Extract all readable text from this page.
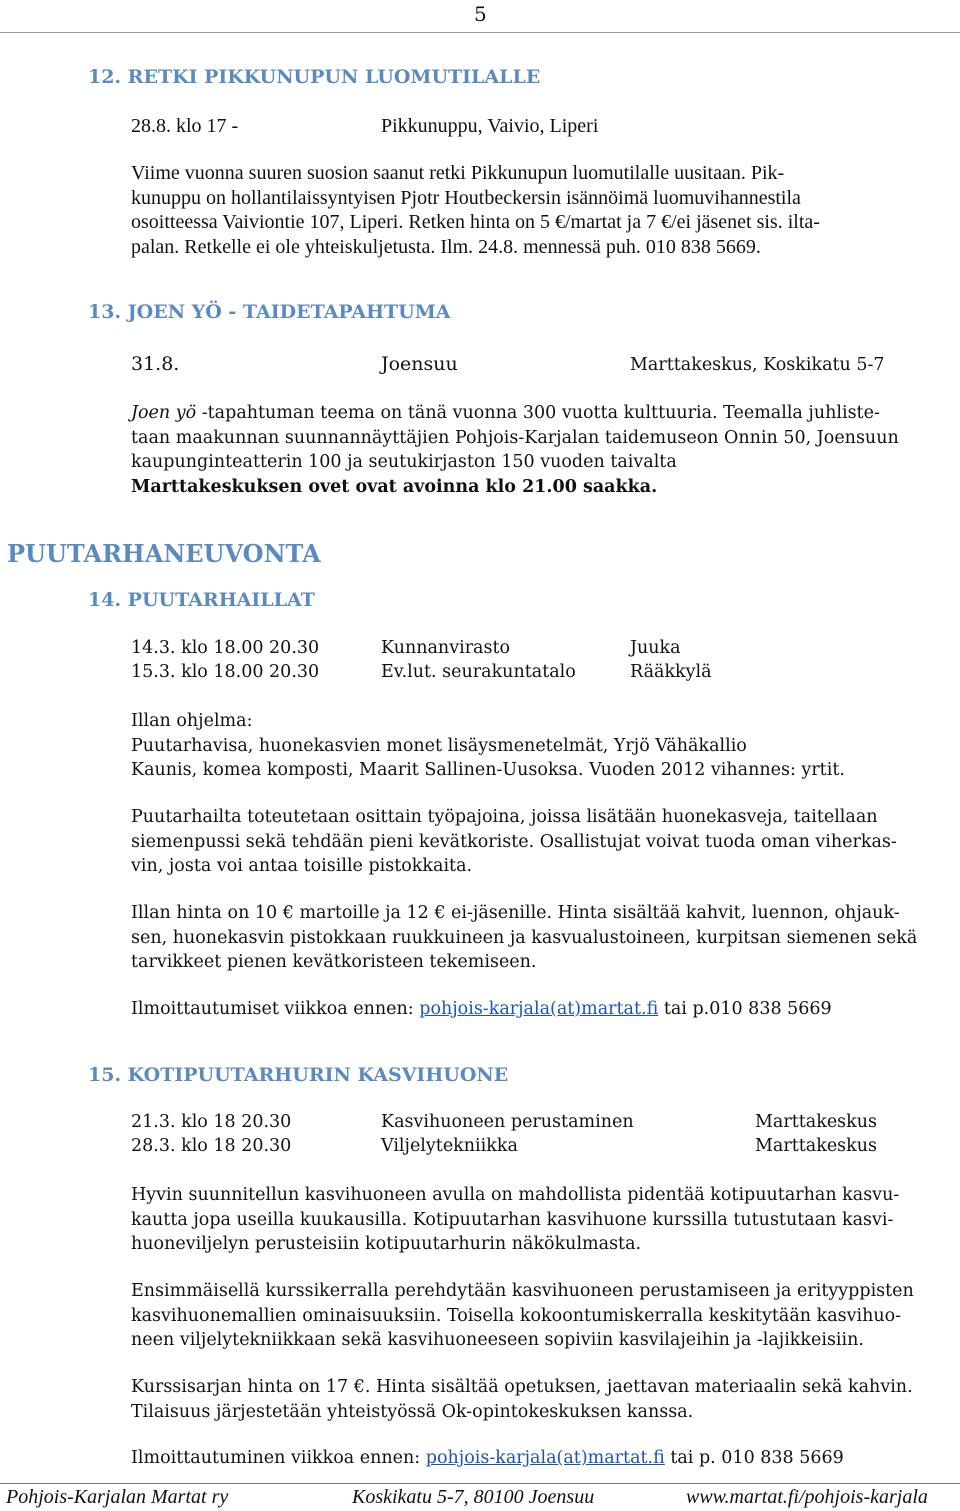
5
12. RETKI PIKKUNUPUN LUOMUTILALLE
28.8. klo 17 -	Pikkunuppu, Vaivio, Liperi
Viime vuonna suuren suosion saanut retki Pikkunupun luomutilalle uusitaan. Pik-
kunuppu on hollantilaissyntyisen Pjotr Houtbeckersin isännöimä luomuvihannestila
osoitteessa Vaiviontie 107, Liperi. Retken hinta on 5 €/martat ja 7 €/ei jäsenet sis. ilta-
palan. Retkelle ei ole yhteiskuljetusta. Ilm. 24.8. mennessä puh. 010 838 5669.
13. JOEN YÖ - TAIDETAPAHTUMA
31.8.	Joensuu	Marttakeskus, Koskikatu 5-7
Joen yö -tapahtuman teema on tänä vuonna 300 vuotta kulttuuria. Teemalla juhliste-
taan maakunnan suunnannäyttäjien Pohjois-Karjalan taidemuseon Onnin 50, Joensuun
kaupunginteatterin 100 ja seutukirjaston 150 vuoden taivalta
Marttakeskuksen ovet ovat avoinna klo 21.00 saakka.
PUUTARHANEUVONTA
14. PUUTARHAILLAT
14.3. klo 18.00 20.30	Kunnanvirasto	Juuka
15.3. klo 18.00 20.30	Ev.lut. seurakuntatalo	Rääkkylä
Illan ohjelma:
Puutarhavisa, huonekasvien monet lisäysmenetelmät, Yrjö Vähäkallio
Kaunis, komea komposti, Maarit Sallinen-Uusoksa. Vuoden 2012 vihannes: yrtit.
Puutarhailta toteutetaan osittain työpajoina, joissa lisätään huonekasveja, taitellaan
siemenpussi sekä tehdään pieni kevätkoriste. Osallistujat voivat tuoda oman viherkas-
vin, josta voi antaa toisille pistokkaita.
Illan hinta on 10 € martoille ja 12 € ei-jäsenille. Hinta sisältää kahvit, luennon, ohjauk-
sen, huonekasvin pistokkaan ruukkuineen ja kasvualustoineen, kurpitsan siemenen sekä
tarvikkeet pienen kevätkoristeen tekemiseen.
Ilmoittautumiset viikkoa ennen: pohjois-karjala(at)martat.fi tai p.010 838 5669
15. KOTIPUUTARHURIN KASVIHUONE
21.3. klo 18 20.30	Kasvihuoneen perustaminen	Marttakeskus
28.3. klo 18 20.30	Viljelytekniikka	Marttakeskus
Hyvin suunnitellun kasvihuoneen avulla on mahdollista pidentää kotipuutarhan kasvu-
kautta jopa useilla kuukausilla. Kotipuutarhan kasvihuone kurssilla tutustutaan kasvi-
huoneviljelyn perusteisiin kotipuutarhurin näkökulmasta.
Ensimmäisellä kurssikerralla perehdytään kasvihuoneen perustamiseen ja erityyppisten
kasvihuonemallien ominaisuuksiin. Toisella kokoontumiskerralla keskitytään kasvihuo-
neen viljelytekniikkaan sekä kasvihuoneeseen sopiviin kasvilajeihin ja -lajikkeisiin.
Kurssisarjan hinta on 17 €. Hinta sisältää opetuksen, jaettavan materiaalin sekä kahvin.
Tilaisuus järjestetään yhteistyössä Ok-opintokeskuksen kanssa.
Ilmoittautuminen viikkoa ennen: pohjois-karjala(at)martat.fi tai p. 010 838 5669
Pohjois-Karjalan Martat ry	Koskikatu 5-7, 80100 Joensuu	www.martat.fi/pohjois-karjala
